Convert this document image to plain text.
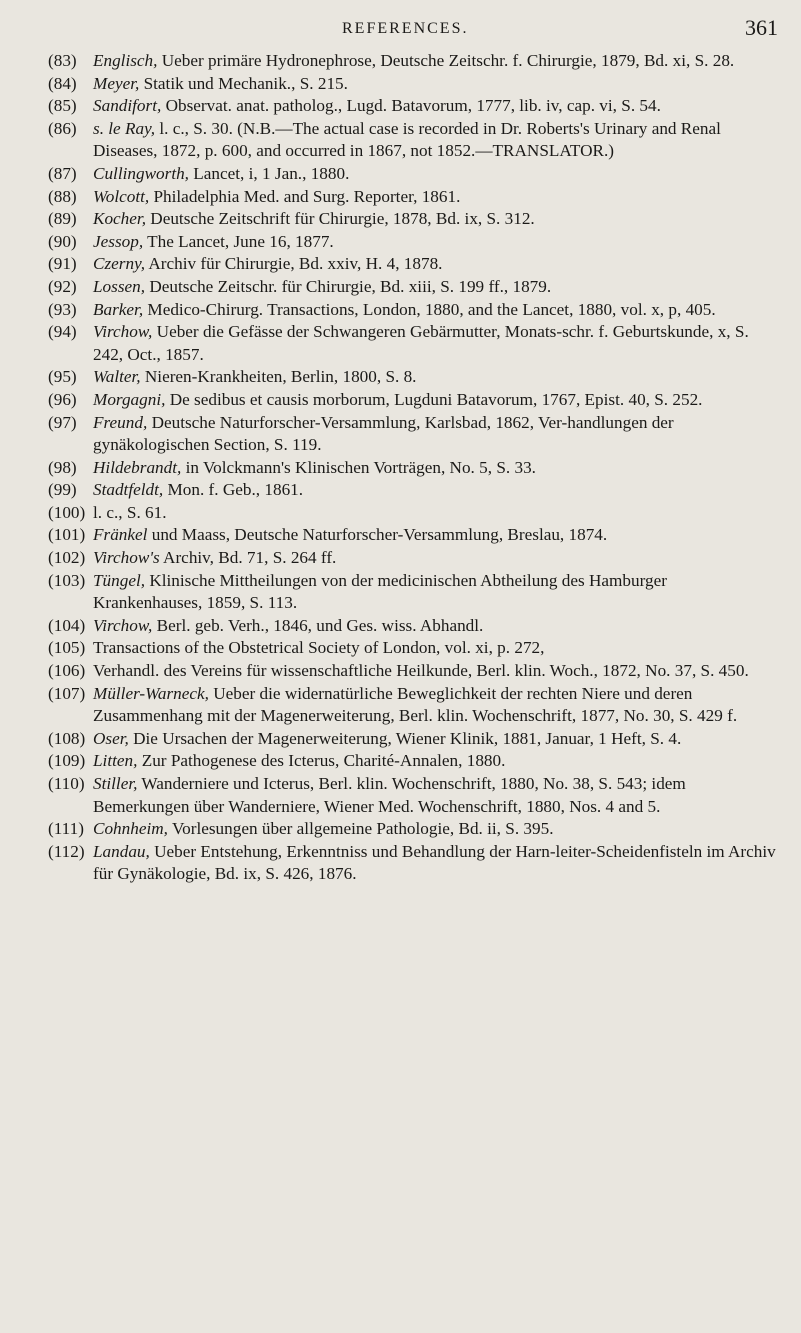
REFERENCES.	361

(83) Englisch, Ueber primäre Hydronephrose, Deutsche Zeitschr. f. Chirurgie, 1879, Bd. xi, S. 28.

(84) Meyer, Statik und Mechanik., S. 215.

(85) Sandifort, Observat. anat. patholog., Lugd. Batavorum, 1777, lib. iv, cap. vi, S. 54.

(86) s. le Ray, l. c., S. 30. (N.B.—The actual case is recorded in Dr. Roberts's Urinary and Renal Diseases, 1872, p. 600, and occurred in 1867, not 1852.—TRANSLATOR.)

(87) Cullingworth, Lancet, i, 1 Jan., 1880.

(88) Wolcott, Philadelphia Med. and Surg. Reporter, 1861.

(89) Kocher, Deutsche Zeitschrift für Chirurgie, 1878, Bd. ix, S. 312.

(90) Jessop, The Lancet, June 16, 1877.

(91) Czerny, Archiv für Chirurgie, Bd. xxiv, H. 4, 1878.

(92) Lossen, Deutsche Zeitschr. für Chirurgie, Bd. xiii, S. 199 ff., 1879.

(93) Barker, Medico-Chirurg. Transactions, London, 1880, and the Lancet, 1880, vol. x, p, 405.

(94) Virchow, Ueber die Gefässe der Schwangeren Gebärmutter, Monats-schr. f. Geburtskunde, x, S. 242, Oct., 1857.

(95) Walter, Nieren-Krankheiten, Berlin, 1800, S. 8.

(96) Morgagni, De sedibus et causis morborum, Lugduni Batavorum, 1767, Epist. 40, S. 252.

(97) Freund, Deutsche Naturforscher-Versammlung, Karlsbad, 1862, Ver-handlungen der gynäkologischen Section, S. 119.

(98) Hildebrandt, in Volckmann's Klinischen Vorträgen, No. 5, S. 33.

(99) Stadtfeldt, Mon. f. Geb., 1861.

(100) l. c., S. 61.

(101) Fränkel und Maass, Deutsche Naturforscher-Versammlung, Breslau, 1874.

(102) Virchow's Archiv, Bd. 71, S. 264 ff.

(103) Tüngel, Klinische Mittheilungen von der medicinischen Abtheilung des Hamburger Krankenhauses, 1859, S. 113.

(104) Virchow, Berl. geb. Verh., 1846, und Ges. wiss. Abhandl.

(105) Transactions of the Obstetrical Society of London, vol. xi, p. 272,

(106) Verhandl. des Vereins für wissenschaftliche Heilkunde, Berl. klin. Woch., 1872, No. 37, S. 450.

(107) Müller-Warneck, Ueber die widernatürliche Beweglichkeit der rechten Niere und deren Zusammenhang mit der Magenerweiterung, Berl. klin. Wochenschrift, 1877, No. 30, S. 429 f.

(108) Oser, Die Ursachen der Magenerweiterung, Wiener Klinik, 1881, Januar, 1 Heft, S. 4.

(109) Litten, Zur Pathogenese des Icterus, Charité-Annalen, 1880.

(110) Stiller, Wanderniere und Icterus, Berl. klin. Wochenschrift, 1880, No. 38, S. 543; idem Bemerkungen über Wanderniere, Wiener Med. Wochenschrift, 1880, Nos. 4 and 5.

(111) Cohnheim, Vorlesungen über allgemeine Pathologie, Bd. ii, S. 395.

(112) Landau, Ueber Entstehung, Erkenntniss und Behandlung der Harn-leiter-Scheidenfisteln im Archiv für Gynäkologie, Bd. ix, S. 426, 1876.
